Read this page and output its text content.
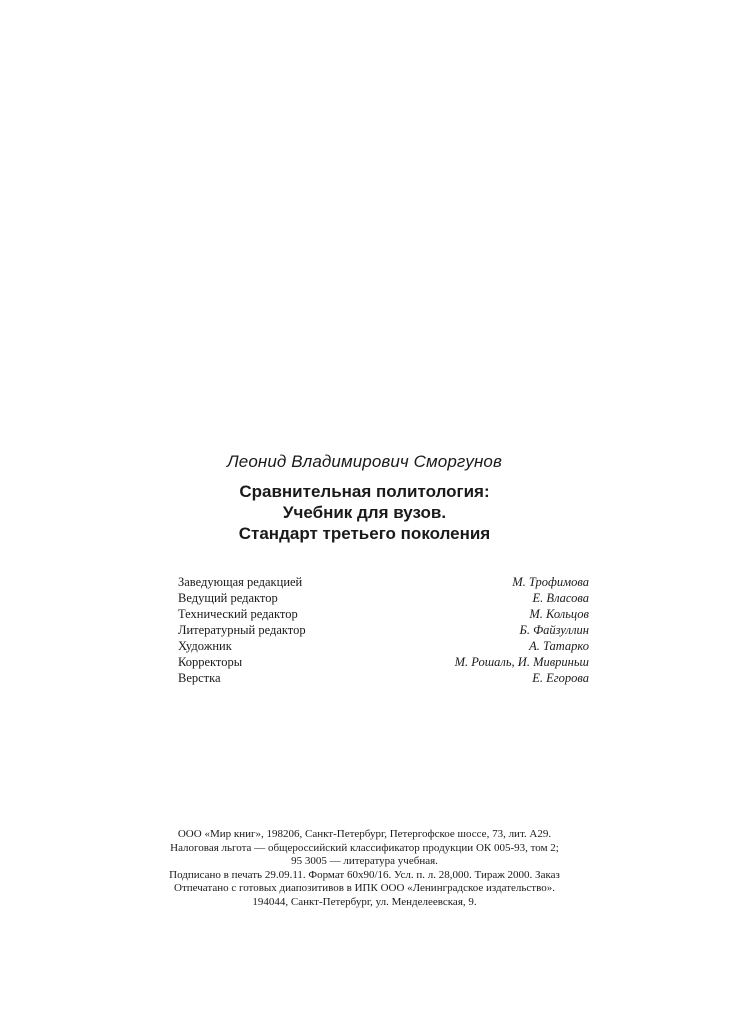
Леонид Владимирович Сморгунов
Сравнительная политология:
Учебник для вузов.
Стандарт третьего поколения
Заведующая редакцией	М. Трофимова
Ведущий редактор	Е. Власова
Технический редактор	М. Кольцов
Литературный редактор	Б. Файзуллин
Художник	А. Татарко
Корректоры	М. Рошаль, И. Мивриньш
Верстка	Е. Егорова
ООО «Мир книг», 198206, Санкт-Петербург, Петергофское шоссе, 73, лит. А29.
Налоговая льгота — общероссийский классификатор продукции ОК 005-93, том 2;
95 3005 — литература учебная.
Подписано в печать 29.09.11. Формат 60х90/16. Усл. п. л. 28,000. Тираж 2000. Заказ
Отпечатано с готовых диапозитивов в ИПК ООО «Ленинградское издательство».
194044, Санкт-Петербург, ул. Менделеевская, 9.
